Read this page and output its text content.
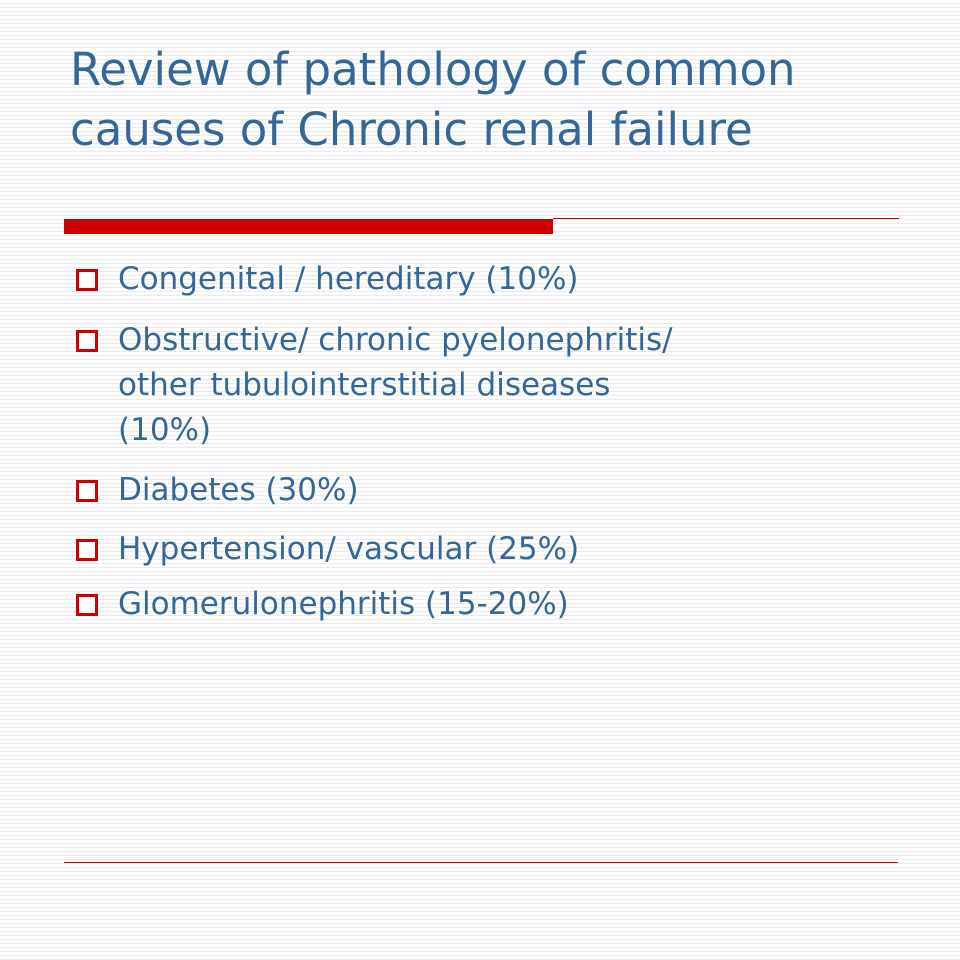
Review of pathology of common
causes of Chronic renal failure
Congenital / hereditary (10%)
Obstructive/ chronic pyelonephritis/
other tubulointerstitial diseases
(10%)
Diabetes (30%)
Hypertension/ vascular (25%)
Glomerulonephritis (15-20%)
